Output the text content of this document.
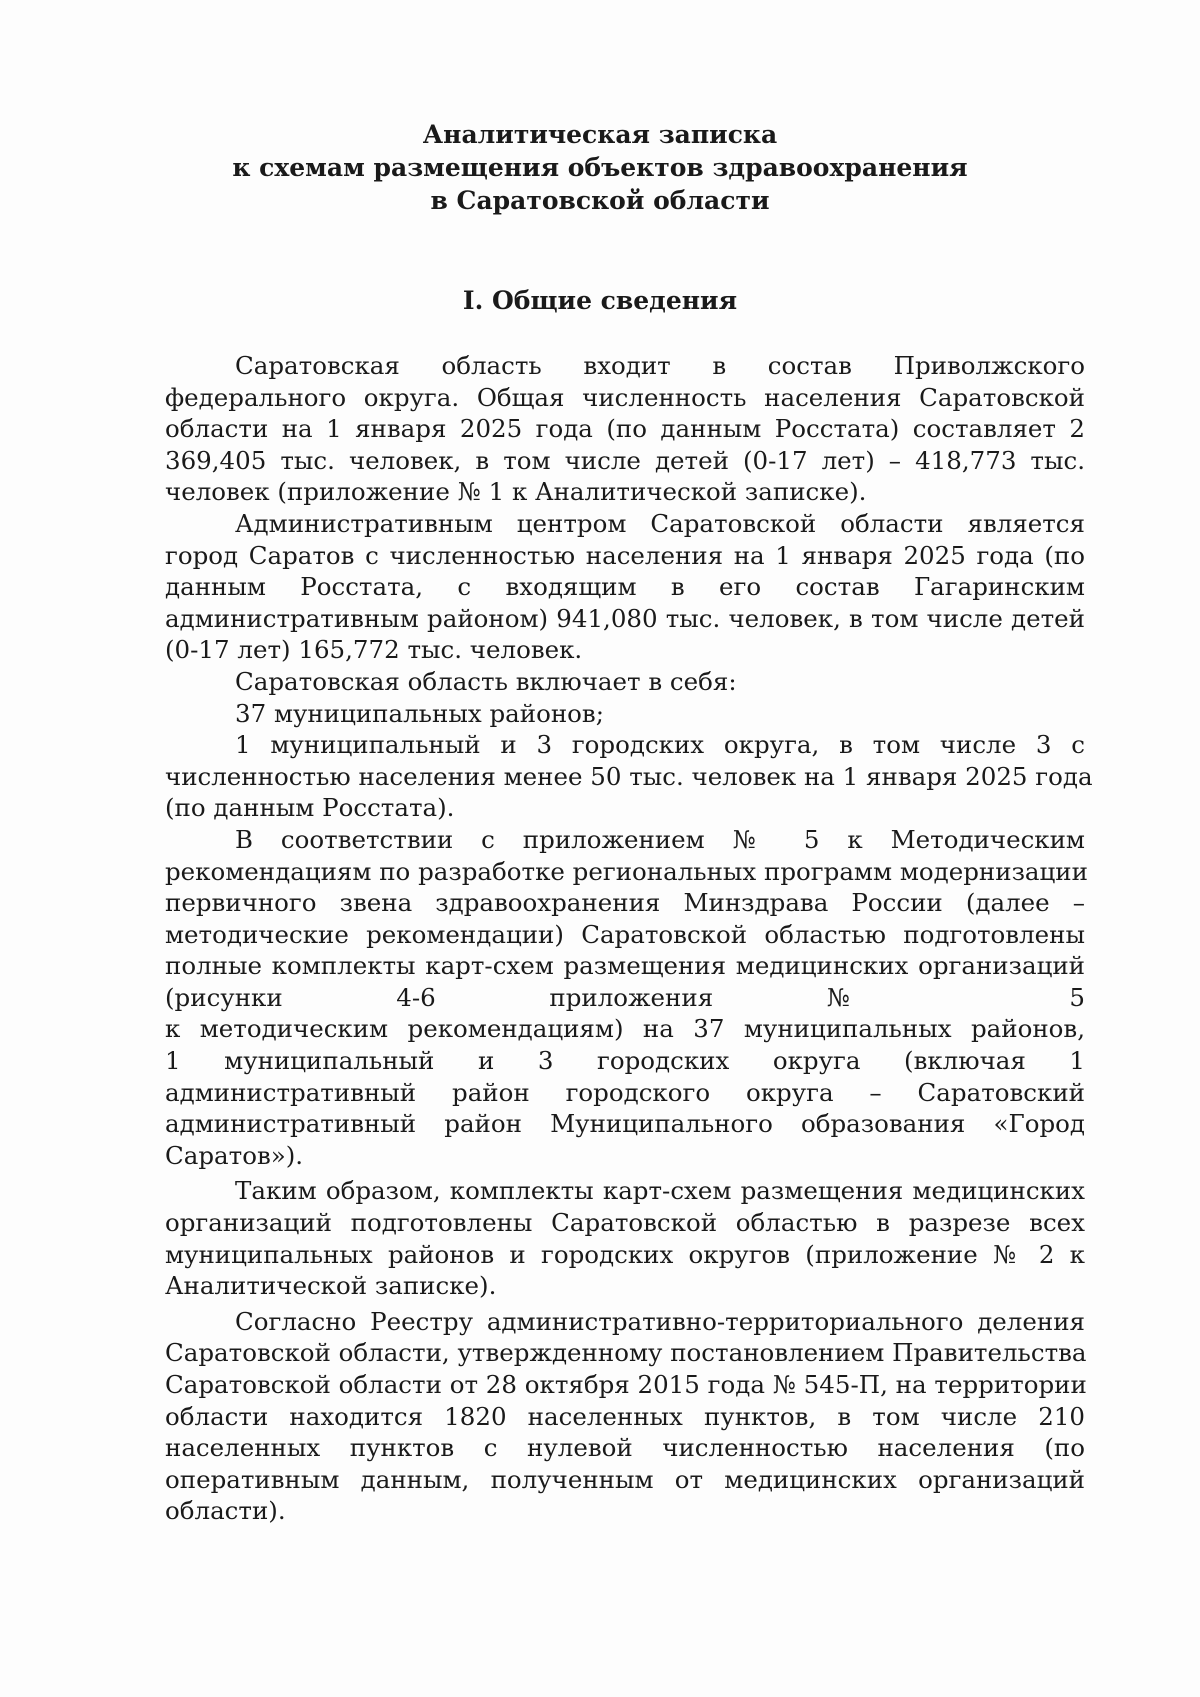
Аналитическая записка
к схемам размещения объектов здравоохранения
в Саратовской области
I. Общие сведения
Саратовская область входит в состав Приволжского
федерального округа. Общая численность населения Саратовской
области на 1 января 2025 года (по данным Росстата) составляет 2
369,405 тыс. человек, в том числе детей (0-17 лет) – 418,773 тыс.
человек (приложение № 1 к Аналитической записке).
Административным центром Саратовской области является
город Саратов с численностью населения на 1 января 2025 года (по
данным Росстата, с входящим в его состав Гагаринским
административным районом) 941,080 тыс. человек, в том числе детей
(0-17 лет) 165,772 тыс. человек.
Саратовская область включает в себя:
37 муниципальных районов;
1 муниципальный и 3 городских округа, в том числе 3 с
численностью населения менее 50 тыс. человек на 1 января 2025 года
(по данным Росстата).
В соответствии с приложением № 5 к Методическим
рекомендациям по разработке региональных программ модернизации
первичного звена здравоохранения Минздрава России (далее –
методические рекомендации) Саратовской областью подготовлены
полные комплекты карт-схем размещения медицинских организаций
(рисунки 4-6 приложения № 5
к методическим рекомендациям) на 37 муниципальных районов,
1 муниципальный и 3 городских округа (включая 1
административный район городского округа – Саратовский
административный район Муниципального образования «Город
Саратов»).
Таким образом, комплекты карт-схем размещения медицинских
организаций подготовлены Саратовской областью в разрезе всех
муниципальных районов и городских округов (приложение № 2 к
Аналитической записке).
Согласно Реестру административно-территориального деления
Саратовской области, утвержденному постановлением Правительства
Саратовской области от 28 октября 2015 года № 545-П, на территории
области находится 1820 населенных пунктов, в том числе 210
населенных пунктов с нулевой численностью населения (по
оперативным данным, полученным от медицинских организаций
области).
